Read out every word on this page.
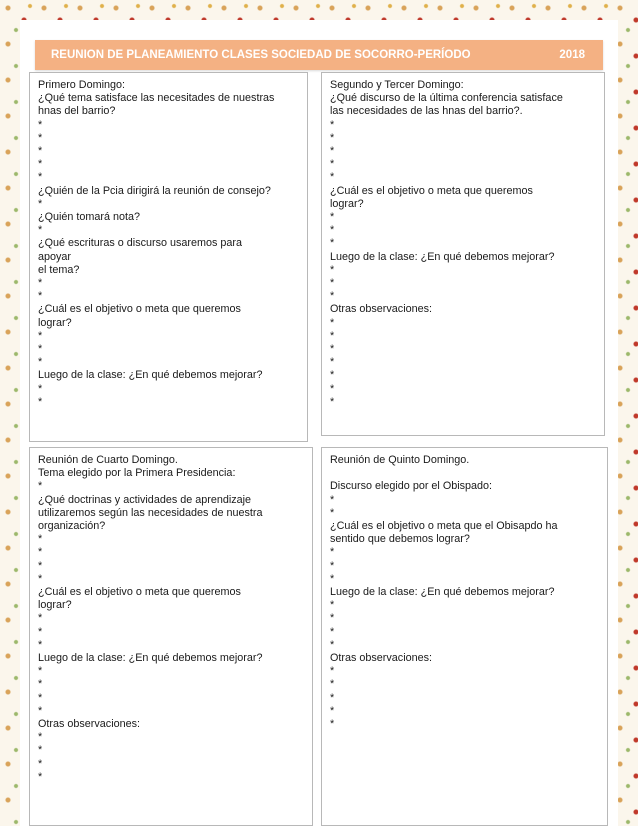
REUNION DE PLANEAMIENTO CLASES SOCIEDAD DE SOCORRO-PERÍODO	2018
Primero Domingo:
¿Qué tema satisface las necesitades de nuestras
hnas del barrio?
*
*
*
*
*
¿Quién de la Pcia dirigirá la reunión de consejo?
*
¿Quién tomará nota?
*
¿Qué escrituras o discurso usaremos para
apoyar
el tema?
*
*
¿Cuál es el objetivo o meta que queremos
lograr?
*
*
*
Luego de la clase: ¿En qué debemos mejorar?
*
*
Segundo y Tercer Domingo:
¿Qué discurso de la última conferencia satisface
las necesidades de las hnas del barrio?.
*
*
*
*
*
¿Cuál es el objetivo o meta que queremos
lograr?
*
*
*
Luego de la clase: ¿En qué debemos mejorar?
*
*
*
Otras observaciones:
*
*
*
*
*
*
*
Reunión de Cuarto Domingo.
Tema elegido por la Primera Presidencia:
*
¿Qué doctrinas y actividades de aprendizaje
utilizaremos según las necesidades de nuestra
organización?
*
*
*
*
¿Cuál es el objetivo o meta que queremos
lograr?
*
*
*
Luego de la clase: ¿En qué debemos mejorar?
*
*
*
*
Otras observaciones:
*
*
*
*
Reunión de Quinto Domingo.
Discurso elegido por el Obispado:
*
*
¿Cuál es el objetivo o meta que el Obisapdo ha
sentido que debemos lograr?
*
*
*
Luego de la clase: ¿En qué debemos mejorar?
*
*
*
*
Otras observaciones:
*
*
*
*
*
